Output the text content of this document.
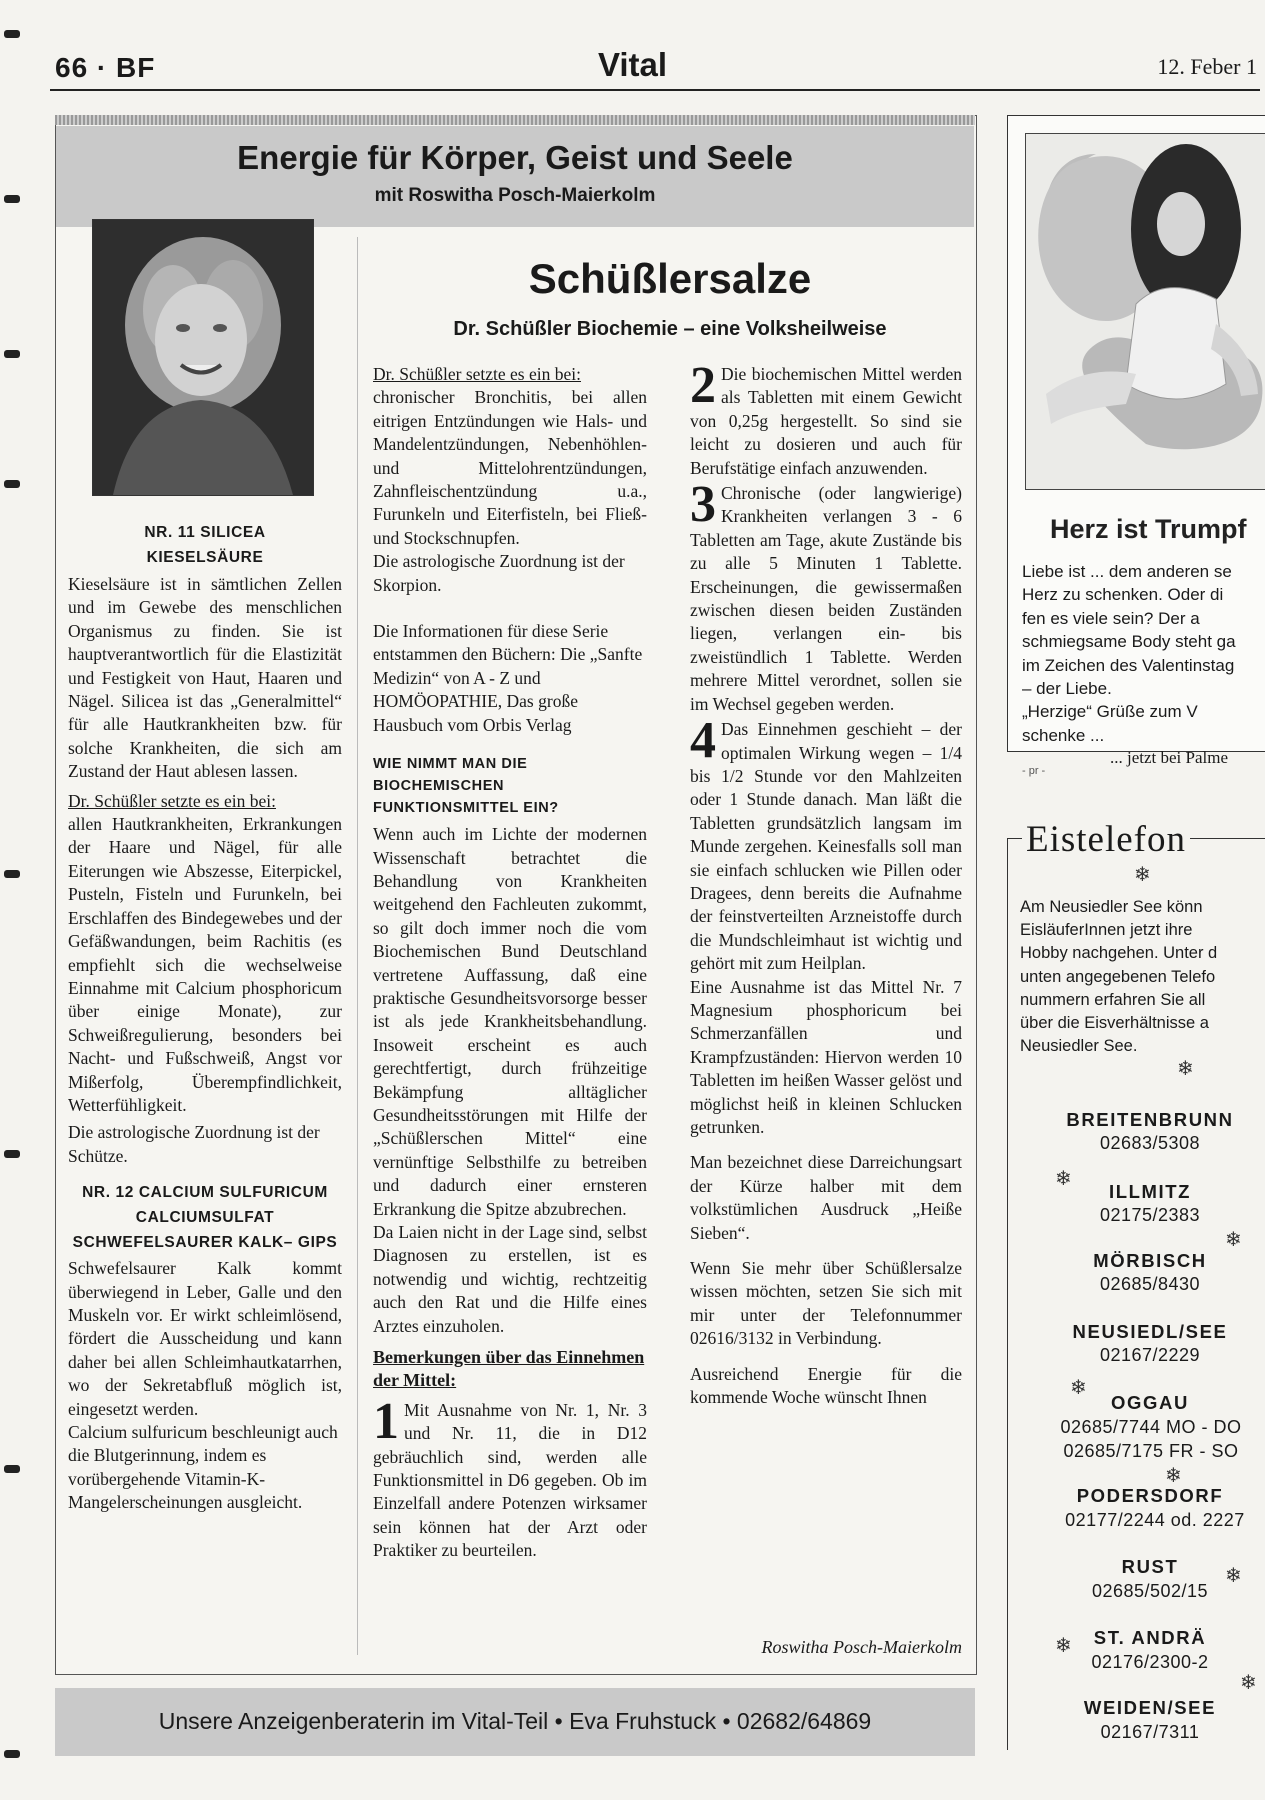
66 · BF	Vital	12. Feber 1
Energie für Körper, Geist und Seele
mit Roswitha Posch-Maierkolm
Schüßlersalze
Dr. Schüßler Biochemie – eine Volksheilweise
NR. 11 SILICEA
KIESELSÄURE

Kieselsäure ist in sämtlichen Zellen und im Gewebe des menschlichen Organismus zu finden. Sie ist hauptverantwortlich für die Elastizität und Festigkeit von Haut, Haaren und Nägel. Silicea ist das „Generalmittel“ für alle Hautkrankheiten bzw. für solche Krankheiten, die sich am Zustand der Haut ablesen lassen.

Dr. Schüßler setzte es ein bei:

allen Hautkrankheiten, Erkrankungen der Haare und Nägel, für alle Eiterungen wie Abszesse, Eiterpickel, Pusteln, Fisteln und Furunkeln, bei Erschlaffen des Bindegewebes und der Gefäßwandungen, beim Rachitis (es empfiehlt sich die wechselweise Einnahme mit Calcium phosphoricum über einige Monate), zur Schweißregulierung, besonders bei Nacht- und Fußschweiß, Angst vor Mißerfolg, Überempfindlichkeit, Wetterfühligkeit.

Die astrologische Zuordnung ist der Schütze.

NR. 12 CALCIUM SULFURICUM
CALCIUMSULFAT
SCHWEFELSAURER KALK– GIPS

Schwefelsaurer Kalk kommt überwiegend in Leber, Galle und den Muskeln vor. Er wirkt schleimlösend, fördert die Ausscheidung und kann daher bei allen Schleimhautkatarrhen, wo der Sekretabfluß möglich ist, eingesetzt werden.

Calcium sulfuricum beschleunigt auch die Blutgerinnung, indem es vorübergehende Vitamin-K-Mangelerscheinungen ausgleicht.

Dr. Schüßler setzte es ein bei:

chronischer Bronchitis, bei allen eitrigen Entzündungen wie Hals- und Mandelentzündungen, Nebenhöhlen- und Mittelohrentzündungen, Zahnfleischentzündung u.a., Furunkeln und Eiterfisteln, bei Fließ- und Stockschnupfen.

Die astrologische Zuordnung ist der Skorpion.

Die Informationen für diese Serie entstammen den Büchern: Die „Sanfte Medizin“ von A - Z und HOMÖOPATHIE, Das große Hausbuch vom Orbis Verlag

WIE NIMMT MAN DIE BIOCHEMISCHEN FUNKTIONSMITTEL EIN?

Wenn auch im Lichte der modernen Wissenschaft betrachtet die Behandlung von Krankheiten weitgehend den Fachleuten zukommt, so gilt doch immer noch die vom Biochemischen Bund Deutschland vertretene Auffassung, daß eine praktische Gesundheitsvorsorge besser ist als jede Krankheitsbehandlung. Insoweit erscheint es auch gerechtfertigt, durch frühzeitige Bekämpfung alltäglicher Gesundheitsstörungen mit Hilfe der „Schüßlerschen Mittel“ eine vernünftige Selbsthilfe zu betreiben und dadurch einer ernsteren Erkrankung die Spitze abzubrechen.

Da Laien nicht in der Lage sind, selbst Diagnosen zu erstellen, ist es notwendig und wichtig, rechtzeitig auch den Rat und die Hilfe eines Arztes einzuholen.

Bemerkungen über das Einnehmen der Mittel:

1 Mit Ausnahme von Nr. 1, Nr. 3 und Nr. 11, die in D12 gebräuchlich sind, werden alle Funktionsmittel in D6 gegeben. Ob im Einzelfall andere Potenzen wirksamer sein können hat der Arzt oder Praktiker zu beurteilen.

2 Die biochemischen Mittel werden als Tabletten mit einem Gewicht von 0,25g hergestellt. So sind sie leicht zu dosieren und auch für Berufstätige einfach anzuwenden.

3 Chronische (oder langwierige) Krankheiten verlangen 3 - 6 Tabletten am Tage, akute Zustände bis zu alle 5 Minuten 1 Tablette. Erscheinungen, die gewissermaßen zwischen diesen beiden Zuständen liegen, verlangen ein- bis zweistündlich 1 Tablette. Werden mehrere Mittel verordnet, sollen sie im Wechsel gegeben werden.

4 Das Einnehmen geschieht – der optimalen Wirkung wegen – 1/4 bis 1/2 Stunde vor den Mahlzeiten oder 1 Stunde danach. Man läßt die Tabletten grundsätzlich langsam im Munde zergehen. Keinesfalls soll man sie einfach schlucken wie Pillen oder Dragees, denn bereits die Aufnahme der feinstverteilten Arzneistoffe durch die Mundschleimhaut ist wichtig und gehört mit zum Heilplan.

Eine Ausnahme ist das Mittel Nr. 7 Magnesium phosphoricum bei Schmerzanfällen und Krampfzuständen: Hiervon werden 10 Tabletten im heißen Wasser gelöst und möglichst heiß in kleinen Schlucken getrunken.

Man bezeichnet diese Darreichungsart der Kürze halber mit dem volkstümlichen Ausdruck „Heiße Sieben“.

Wenn Sie mehr über Schüßlersalze wissen möchten, setzen Sie sich mit mir unter der Telefonnummer 02616/3132 in Verbindung.

Ausreichend Energie für die kommende Woche wünscht Ihnen

Roswitha Posch-Maierkolm
Unsere Anzeigenberaterin im Vital-Teil • Eva Fruhstuck • 02682/64869
Herz ist Trumpf
Liebe ist ... dem anderen se
Herz zu schenken. Oder di
fen es viele sein? Der a
schmiegsame Body steht ga
im Zeichen des Valentinstag
– der Liebe.
„Herzige“ Grüße zum V
schenke ...
... jetzt bei Palme
- pr -
Eistelefon
❄
Am Neusiedler See könn
EisläuferInnen jetzt ihre
Hobby nachgehen. Unter d
unten angegebenen Telefo
nummern erfahren Sie all
über die Eisverhältnisse a
Neusiedler See.
❄
BREITENBRUNN
02683/5308
❄
ILLMITZ
02175/2383
❄
MÖRBISCH
02685/8430
NEUSIEDL/SEE
02167/2229
❄
OGGAU
02685/7744 MO - DO
02685/7175 FR - SO
❄
PODERSDORF
02177/2244 od. 2227
RUST	❄
02685/502/15
❄	ST. ANDRÄ
02176/2300-2
❄
WEIDEN/SEE
02167/7311
